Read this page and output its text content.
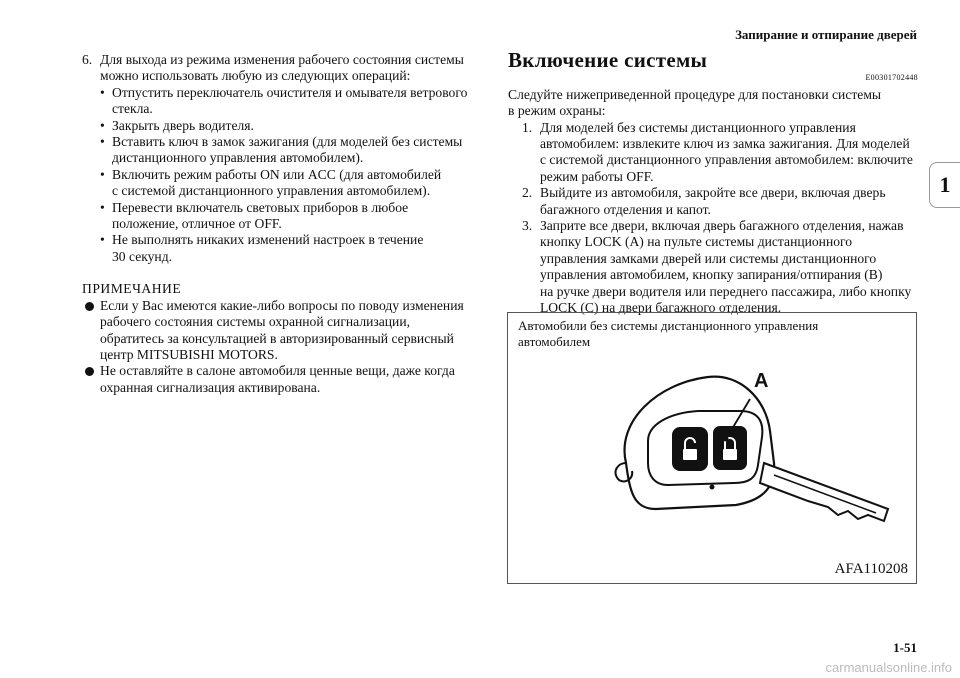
Запирание и отпирание дверей
1
6. Для выхода из режима изменения рабочего состояния системы
можно использовать любую из следующих операций:
• Отпустить переключатель очистителя и омывателя ветрового
стекла.
• Закрыть дверь водителя.
• Вставить ключ в замок зажигания (для моделей без системы
дистанционного управления автомобилем).
• Включить режим работы ON или ACC (для автомобилей
с системой дистанционного управления автомобилем).
• Перевести включатель световых приборов в любое
положение, отличное от OFF.
• Не выполнять никаких изменений настроек в течение
30 секунд.
ПРИМЕЧАНИЕ
Если у Вас имеются какие-либо вопросы по поводу изменения
рабочего состояния системы охранной сигнализации,
обратитесь за консультацией в авторизированный сервисный
центр MITSUBISHI MOTORS.
Не оставляйте в салоне автомобиля ценные вещи, даже когда
охранная сигнализация активирована.
Включение системы
E00301702448
Следуйте нижеприведенной процедуре для постановки системы
в режим охраны:
1. Для моделей без системы дистанционного управления
автомобилем: извлеките ключ из замка зажигания. Для моделей
с системой дистанционного управления автомобилем: включите
режим работы OFF.
2. Выйдите из автомобиля, закройте все двери, включая дверь
багажного отделения и капот.
3. Заприте все двери, включая дверь багажного отделения, нажав
кнопку LOCK (A) на пульте системы дистанционного
управления замками дверей или системы дистанционного
управления автомобилем, кнопку запирания/отпирания (B)
на ручке двери водителя или переднего пассажира, либо кнопку
LOCK (C) на двери багажного отделения.
Автомобили без системы дистанционного управления
автомобилем
A
AFA110208
1-51
carmanualsonline.info
